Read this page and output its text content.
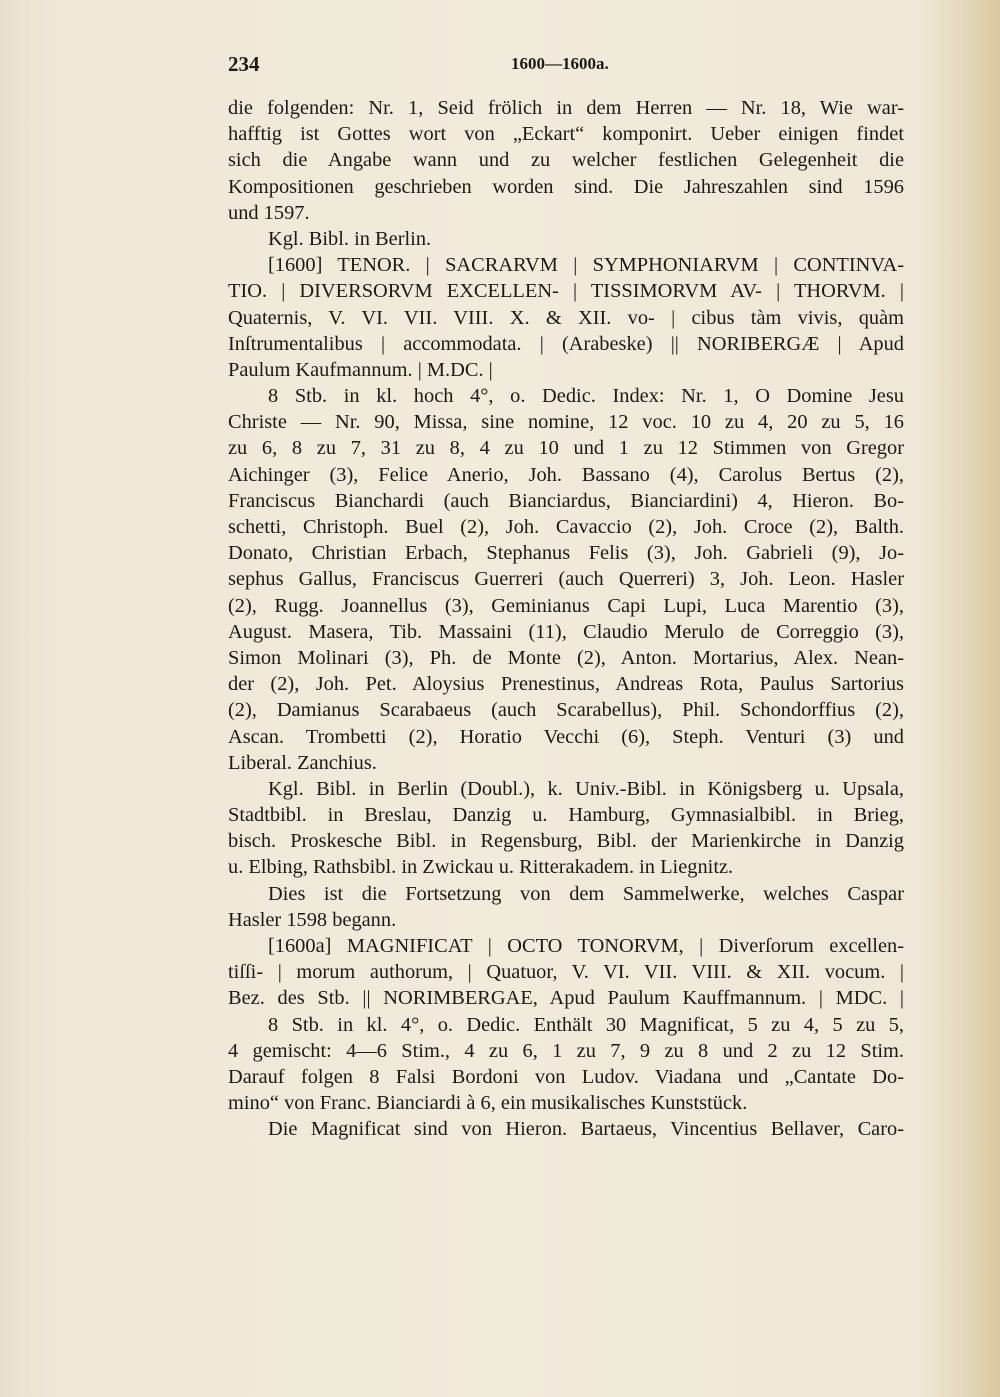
234	1600—1600a.
die folgenden: Nr. 1, Seid frölich in dem Herren — Nr. 18, Wie war-
hafftig ist Gottes wort von „Eckart“ komponirt. Ueber einigen findet
sich die Angabe wann und zu welcher festlichen Gelegenheit die
Kompositionen geschrieben worden sind. Die Jahreszahlen sind 1596
und 1597.
Kgl. Bibl. in Berlin.
[1600] TENOR. | SACRARVM | SYMPHONIARVM | CONTINVA-
TIO. | DIVERSORVM EXCELLEN- | TISSIMORVM AV- | THORVM. |
Quaternis, V. VI. VII. VIII. X. & XII. vo- | cibus tàm vivis, quàm
Inſtrumentalibus | accommodata. | (Arabeske) || NORIBERGÆ | Apud
Paulum Kaufmannum. | M.DC. |
8 Stb. in kl. hoch 4°, o. Dedic. Index: Nr. 1, O Domine Jesu
Christe — Nr. 90, Missa, sine nomine, 12 voc. 10 zu 4, 20 zu 5, 16
zu 6, 8 zu 7, 31 zu 8, 4 zu 10 und 1 zu 12 Stimmen von Gregor
Aichinger (3), Felice Anerio, Joh. Bassano (4), Carolus Bertus (2),
Franciscus Bianchardi (auch Bianciardus, Bianciardini) 4, Hieron. Bo-
schetti, Christoph. Buel (2), Joh. Cavaccio (2), Joh. Croce (2), Balth.
Donato, Christian Erbach, Stephanus Felis (3), Joh. Gabrieli (9), Jo-
sephus Gallus, Franciscus Guerreri (auch Querreri) 3, Joh. Leon. Hasler
(2), Rugg. Joannellus (3), Geminianus Capi Lupi, Luca Marentio (3),
August. Masera, Tib. Massaini (11), Claudio Merulo de Correggio (3),
Simon Molinari (3), Ph. de Monte (2), Anton. Mortarius, Alex. Nean-
der (2), Joh. Pet. Aloysius Prenestinus, Andreas Rota, Paulus Sartorius
(2), Damianus Scarabaeus (auch Scarabellus), Phil. Schondorffius (2),
Ascan. Trombetti (2), Horatio Vecchi (6), Steph. Venturi (3) und
Liberal. Zanchius.
Kgl. Bibl. in Berlin (Doubl.), k. Univ.-Bibl. in Königsberg u. Upsala,
Stadtbibl. in Breslau, Danzig u. Hamburg, Gymnasialbibl. in Brieg,
bisch. Proskesche Bibl. in Regensburg, Bibl. der Marienkirche in Danzig
u. Elbing, Rathsbibl. in Zwickau u. Ritterakadem. in Liegnitz.
Dies ist die Fortsetzung von dem Sammelwerke, welches Caspar
Hasler 1598 begann.
[1600a] MAGNIFICAT | OCTO TONORVM, | Diverſorum excellen-
tiſſi- | morum authorum, | Quatuor, V. VI. VII. VIII. & XII. vocum. |
Bez. des Stb. || NORIMBERGAE, Apud Paulum Kauffmannum. | MDC. |
8 Stb. in kl. 4°, o. Dedic. Enthält 30 Magnificat, 5 zu 4, 5 zu 5,
4 gemischt: 4—6 Stim., 4 zu 6, 1 zu 7, 9 zu 8 und 2 zu 12 Stim.
Darauf folgen 8 Falsi Bordoni von Ludov. Viadana und „Cantate Do-
mino“ von Franc. Bianciardi à 6, ein musikalisches Kunststück.
Die Magnificat sind von Hieron. Bartaeus, Vincentius Bellaver, Caro-
